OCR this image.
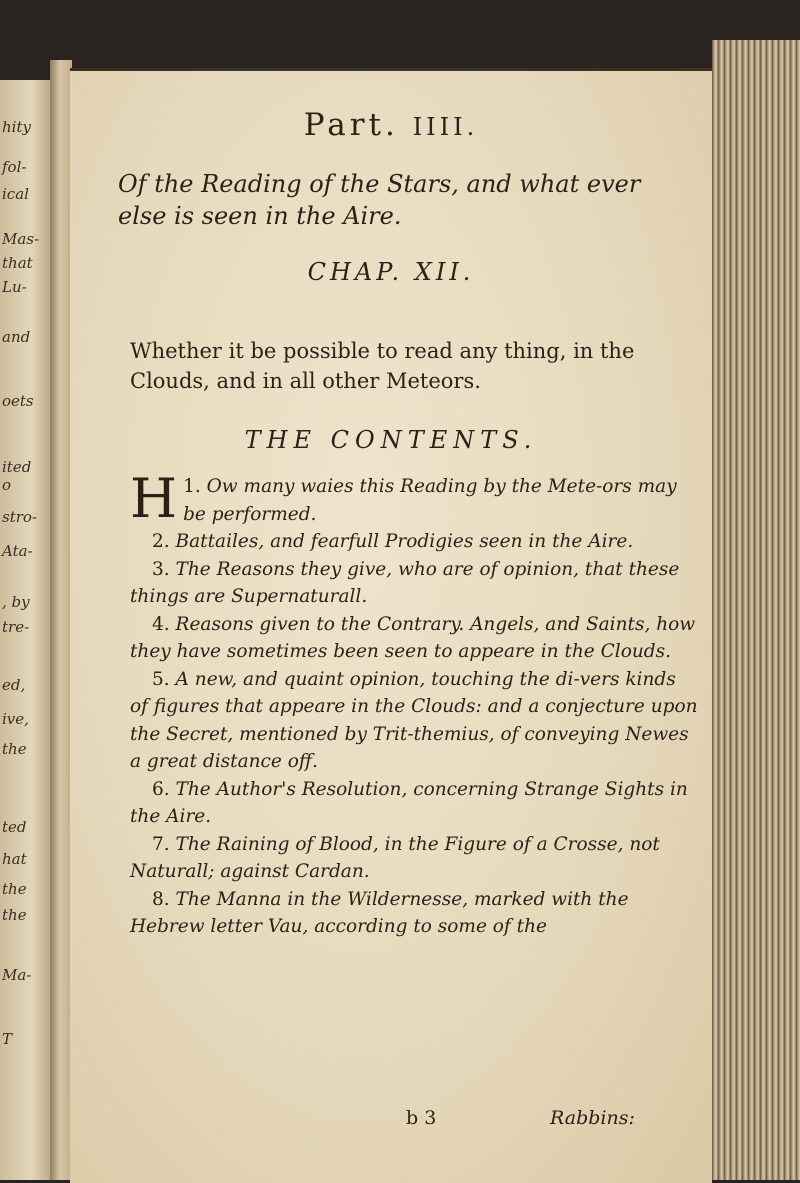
hity
fol-
ical
Mas-
that
Lu-
and
oets
ited
o
stro-
Ata-
, by
tre-
ed,
ive,
the
ted
hat
the
the
Ma-
T
Part. IIII.
Of the Reading of the Stars, and what ever else is seen in the Aire.
CHAP. XII.
Whether it be possible to read any thing, in the Clouds, and in all other Meteors.
THE CONTENTS.

1.
H Ow many waies this Reading by the Mete-ors may be performed.

2. Battailes, and fearfull Prodigies seen in the Aire.

3. The Reasons they give, who are of opinion, that these things are Supernaturall.

4. Reasons given to the Contrary. Angels, and Saints, how they have sometimes been seen to appeare in the Clouds.

5. A new, and quaint opinion, touching the di-vers kinds of figures that appeare in the Clouds: and a conjecture upon the Secret, mentioned by Trit-themius, of conveying Newes a great distance off.

6. The Author's Resolution, concerning Strange Sights in the Aire.

7. The Raining of Blood, in the Figure of a Crosse, not Naturall; against Cardan.

8. The Manna in the Wildernesse, marked with the Hebrew letter Vau, according to some of the

b 3	Rabbins:
